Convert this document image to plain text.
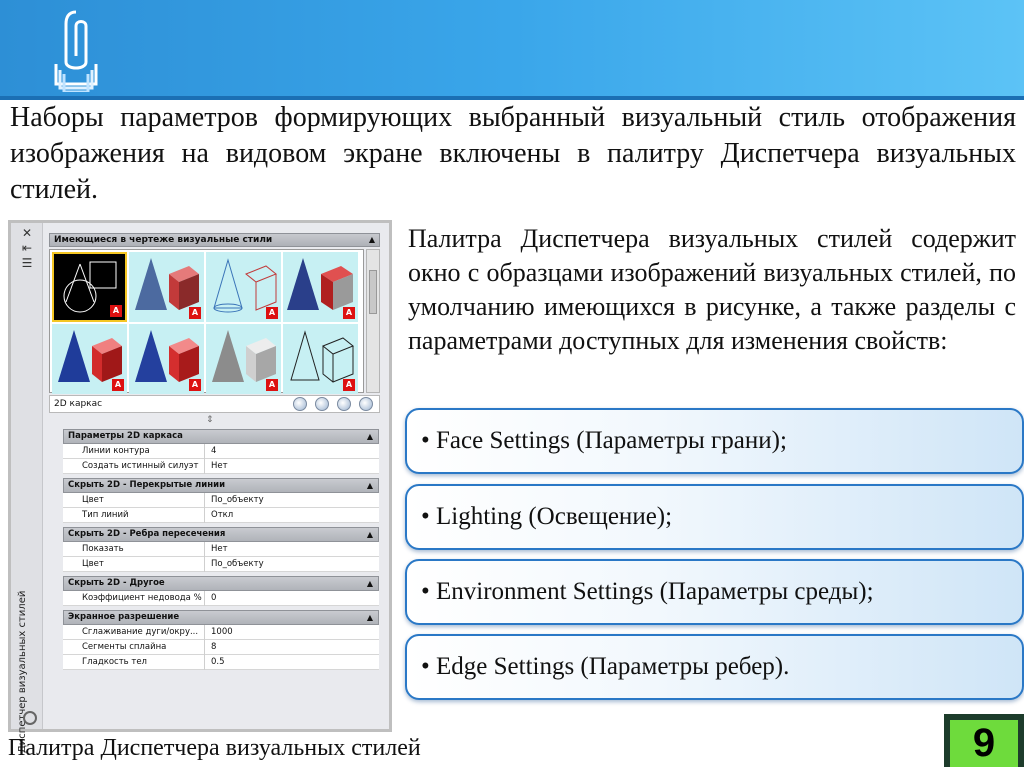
Наборы параметров формирующих выбранный визуальный стиль отображения изображения на видовом экране включены в палитру Диспетчера визуальных стилей.
✕
⇤
☰
Диспетчер визуальных стилей
Имеющиеся в чертеже визуальные стили	▲
A	A	A	A
A	A	A	A
2D каркас

⇕
Параметры 2D каркаса	▲
Линии контура	4
Создать истинный силуэт	Нет
Скрыть 2D - Перекрытые линии	▲
Цвет	По_объекту
Тип линий	Откл
Скрыть 2D - Ребра пересечения	▲
Показать	Нет
Цвет	По_объекту
Скрыть 2D - Другое	▲
Коэффициент недовода %	0
Экранное разрешение	▲
Сглаживание дуги/окру...	1000
Сегменты сплайна	8
Гладкость тел	0.5
Палитра Диспетчера визуальных стилей содержит окно с образцами изображений визуальных стилей, по умолчанию имеющихся в рисунке, а также разделы с параметрами доступных для изменения свойств:
• Face Settings (Параметры грани);
• Lighting (Освещение);
• Environment Settings (Параметры среды);
• Edge Settings (Параметры ребер).
Палитра Диспетчера визуальных стилей	9
